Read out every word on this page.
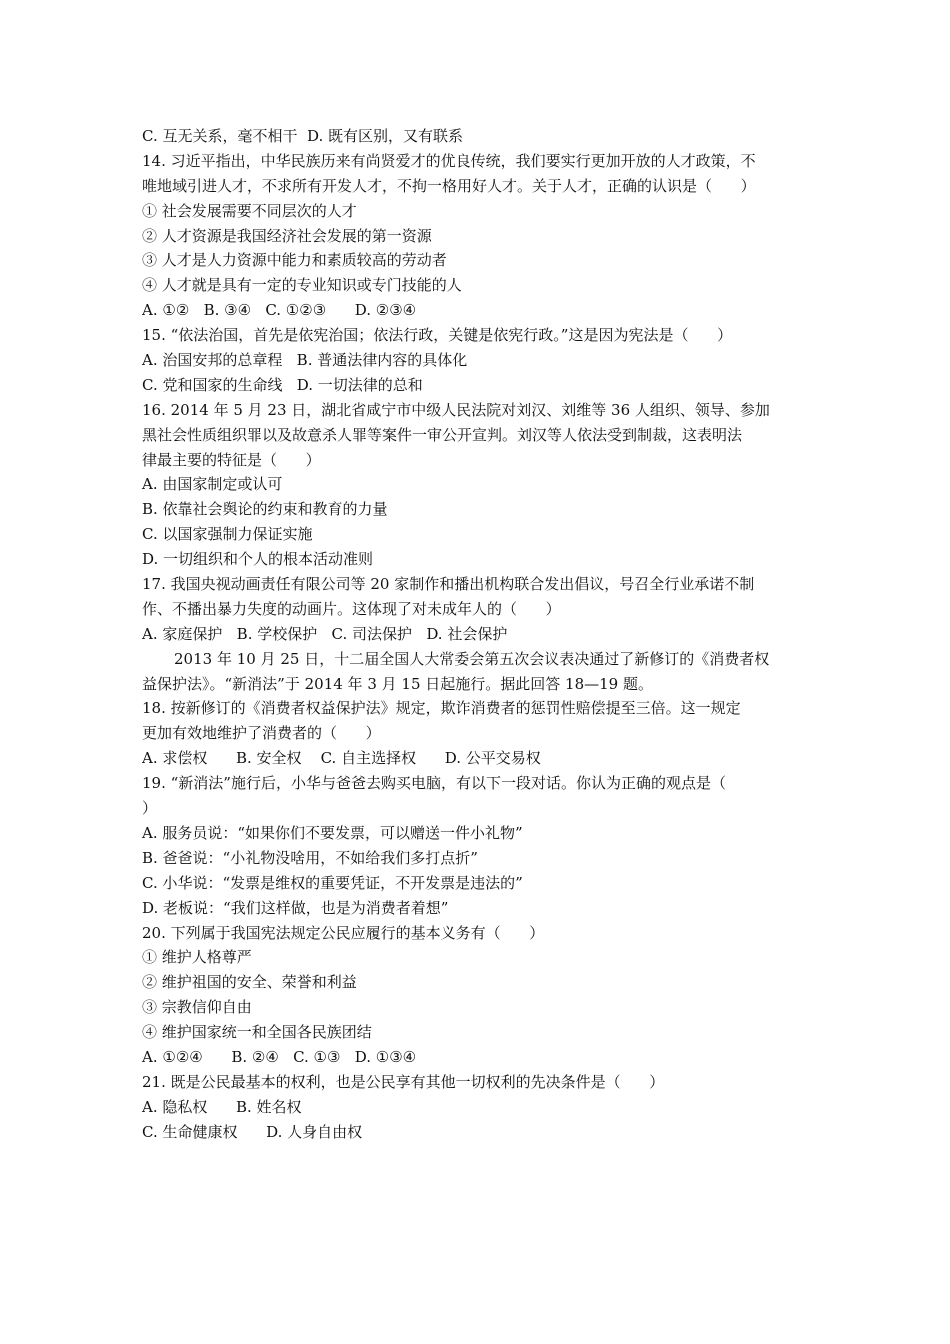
C. 互无关系，毫不相干  D. 既有区别，又有联系
14. 习近平指出，中华民族历来有尚贤爱才的优良传统，我们要实行更加开放的人才政策，不
唯地域引进人才，不求所有开发人才，不拘一格用好人才。关于人才，正确的认识是（      ）
① 社会发展需要不同层次的人才
② 人才资源是我国经济社会发展的第一资源
③ 人才是人力资源中能力和素质较高的劳动者
④ 人才就是具有一定的专业知识或专门技能的人
A. ①②   B. ③④   C. ①②③      D. ②③④
15. “依法治国，首先是依宪治国；依法行政，关键是依宪行政。”这是因为宪法是（      ）
A. 治国安邦的总章程   B. 普通法律内容的具体化
C. 党和国家的生命线   D. 一切法律的总和
16. 2014 年 5 月 23 日，湖北省咸宁市中级人民法院对刘汉、刘维等 36 人组织、领导、参加
黑社会性质组织罪以及故意杀人罪等案件一审公开宣判。刘汉等人依法受到制裁，这表明法
律最主要的特征是（      ）
A. 由国家制定或认可
B. 依靠社会舆论的约束和教育的力量
C. 以国家强制力保证实施
D. 一切组织和个人的根本活动准则
17. 我国央视动画责任有限公司等 20 家制作和播出机构联合发出倡议，号召全行业承诺不制
作、不播出暴力失度的动画片。这体现了对未成年人的（      ）
A. 家庭保护   B. 学校保护   C. 司法保护   D. 社会保护
2013 年 10 月 25 日，十二届全国人大常委会第五次会议表决通过了新修订的《消费者权
益保护法》。“新消法”于 2014 年 3 月 15 日起施行。据此回答 18—19 题。
18. 按新修订的《消费者权益保护法》规定，欺诈消费者的惩罚性赔偿提至三倍。这一规定
更加有效地维护了消费者的（      ）
A. 求偿权      B. 安全权    C. 自主选择权      D. 公平交易权
19. “新消法”施行后，小华与爸爸去购买电脑，有以下一段对话。你认为正确的观点是（
）
A. 服务员说：“如果你们不要发票，可以赠送一件小礼物”
B. 爸爸说：“小礼物没啥用，不如给我们多打点折”
C. 小华说：“发票是维权的重要凭证，不开发票是违法的”
D. 老板说：“我们这样做，也是为消费者着想”
20. 下列属于我国宪法规定公民应履行的基本义务有（      ）
① 维护人格尊严
② 维护祖国的安全、荣誉和利益
③ 宗教信仰自由
④ 维护国家统一和全国各民族团结
A. ①②④      B. ②④   C. ①③   D. ①③④
21. 既是公民最基本的权利，也是公民享有其他一切权利的先决条件是（      ）
A. 隐私权      B. 姓名权
C. 生命健康权      D. 人身自由权
